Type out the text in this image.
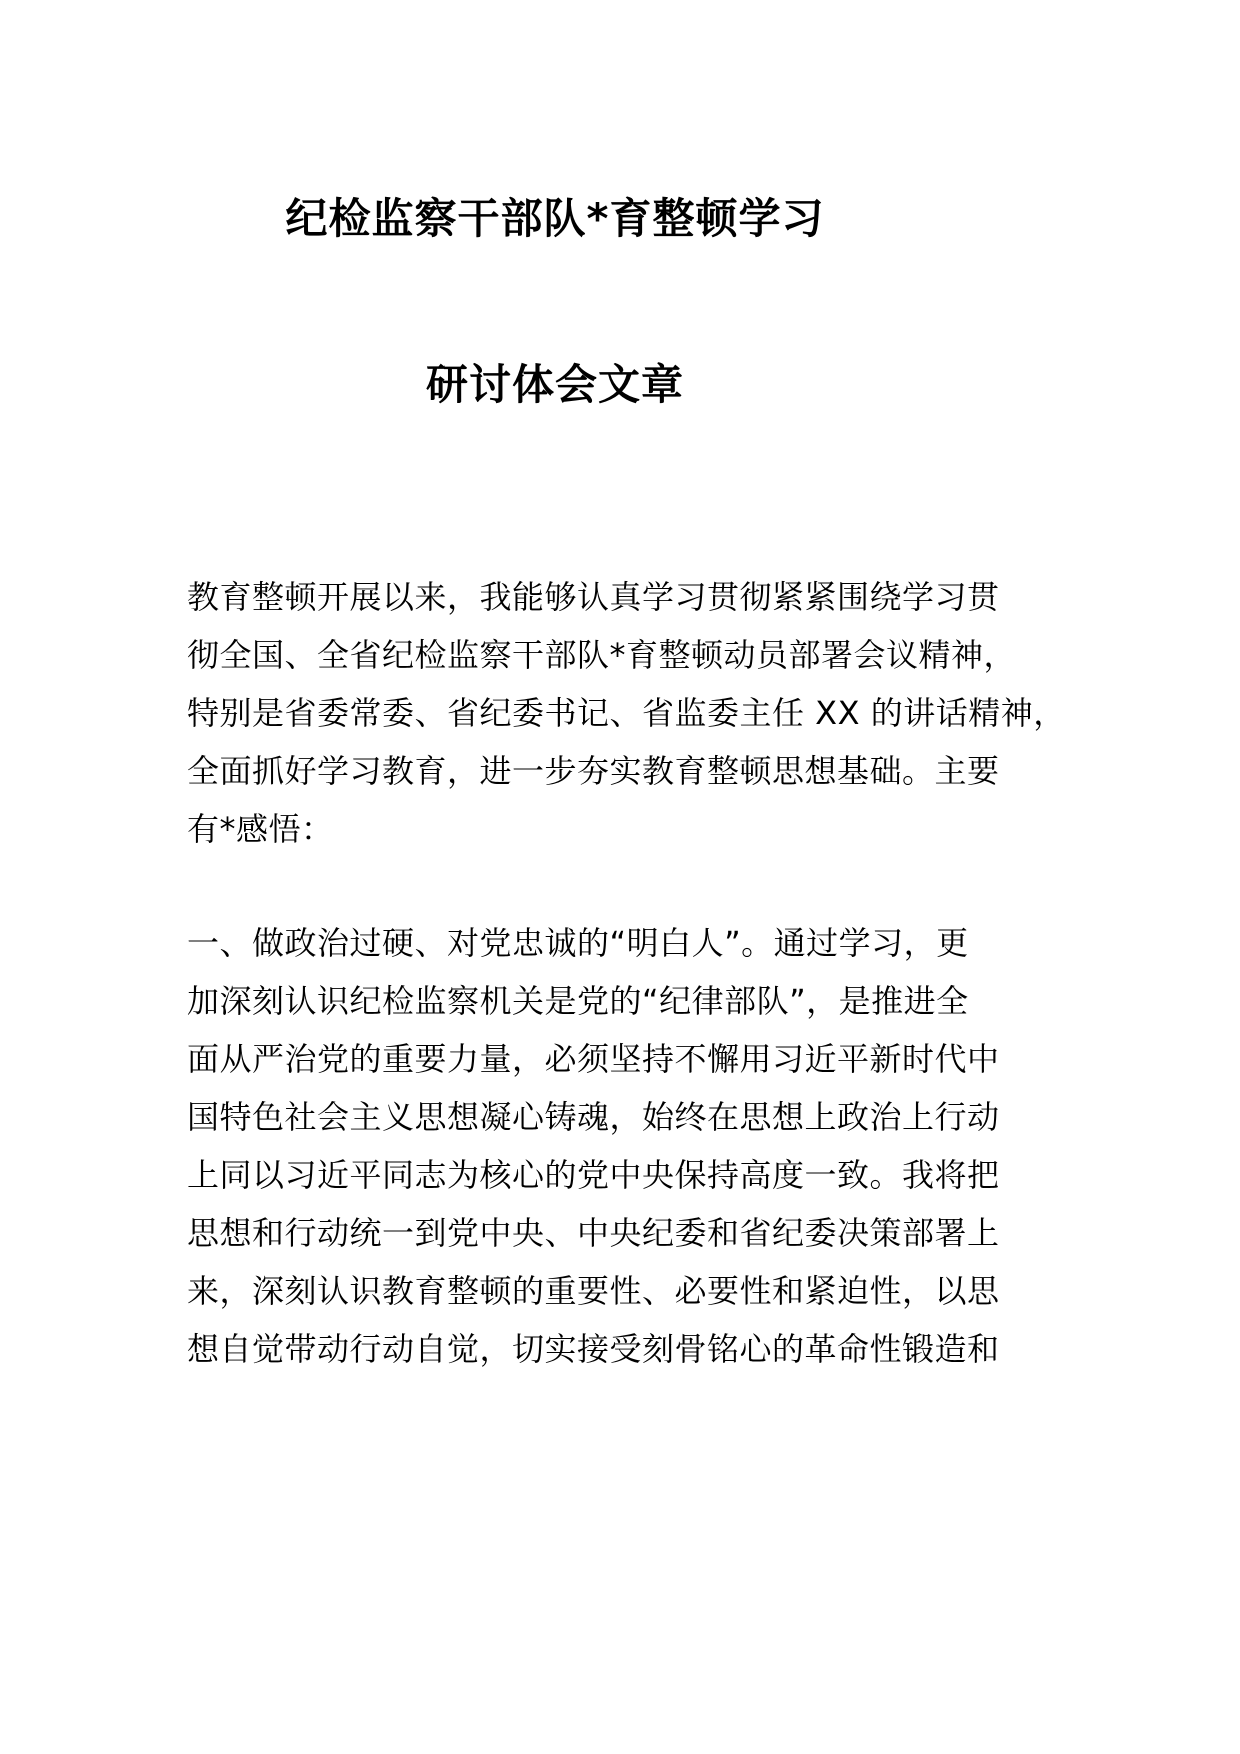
纪检监察干部队*育整顿学习
研讨体会文章
教育整顿开展以来，我能够认真学习贯彻紧紧围绕学习贯
彻全国、全省纪检监察干部队*育整顿动员部署会议精神，
特别是省委常委、省纪委书记、省监委主任 XX 的讲话精神，
全面抓好学习教育，进一步夯实教育整顿思想基础。主要
有*感悟：
一、做政治过硬、对党忠诚的“明白人”。通过学习，更
加深刻认识纪检监察机关是党的“纪律部队”，是推进全
面从严治党的重要力量，必须坚持不懈用习近平新时代中
国特色社会主义思想凝心铸魂，始终在思想上政治上行动
上同以习近平同志为核心的党中央保持高度一致。我将把
思想和行动统一到党中央、中央纪委和省纪委决策部署上
来，深刻认识教育整顿的重要性、必要性和紧迫性，以思
想自觉带动行动自觉，切实接受刻骨铭心的革命性锻造和
